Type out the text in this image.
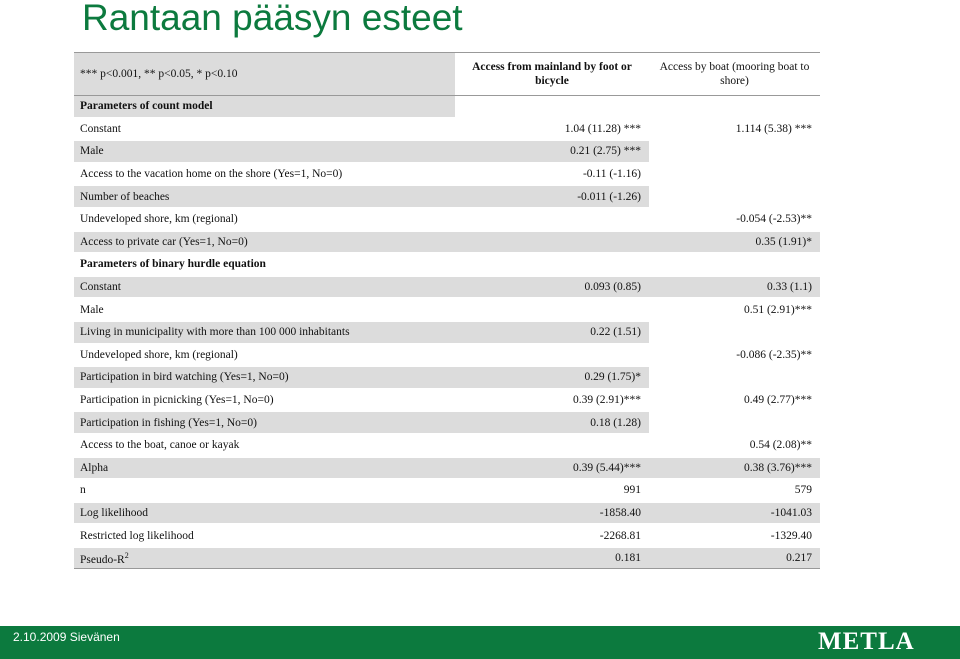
Rantaan pääsyn esteet
*** p<0.001, ** p<0.05, * p<0.10	Access from mainland by foot or bicycle	Access by boat (mooring boat to shore)
Parameters of count model		
Constant	1.04 (11.28) ***	1.114 (5.38) ***
Male	0.21 (2.75) ***	
Access to the vacation home on the shore (Yes=1, No=0)	-0.11 (-1.16)	
Number of beaches	-0.011 (-1.26)	
Undeveloped shore, km (regional)		-0.054 (-2.53)**
Access to private car (Yes=1, No=0)		0.35 (1.91)*
Parameters of binary hurdle equation		
Constant	0.093 (0.85)	0.33 (1.1)
Male		0.51 (2.91)***
Living in municipality with more than 100 000 inhabitants	0.22 (1.51)	
Undeveloped shore, km (regional)		-0.086 (-2.35)**
Participation in bird watching (Yes=1, No=0)	0.29 (1.75)*	
Participation in picnicking (Yes=1, No=0)	0.39 (2.91)***	0.49 (2.77)***
Participation in fishing (Yes=1, No=0)	0.18 (1.28)	
Access to the boat, canoe or kayak		0.54 (2.08)**
Alpha	0.39 (5.44)***	0.38 (3.76)***
n	991	579
Log likelihood	-1858.40	-1041.03
Restricted log likelihood	-2268.81	-1329.40
Pseudo-$R^2$	0.181	0.217
2.10.2009 Sievänen	METLA
